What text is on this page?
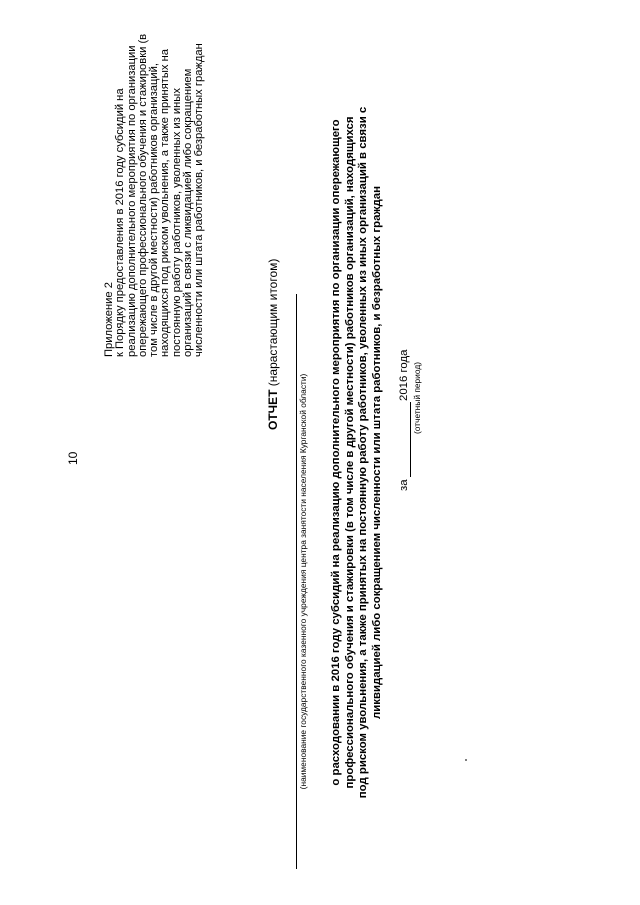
10
Приложение 2 к Порядку предоставления в 2016 году субсидий на реализацию дополнительного мероприятия по организации опережающего профессионального обучения и стажировки (в том числе в другой местности) работников организаций, находящихся под риском увольнения, а также принятых на постоянную работу работников, уволенных из иных организаций в связи с ликвидацией либо сокращением численности или штата работников, и безработных граждан
ОТЧЕТ (нарастающим итогом)
(наименование государственного казенного учреждения центра занятости населения Курганской области) о расходовании в 2016 году субсидий на реализацию дополнительного мероприятия по организации опережающего профессионального обучения и стажировки (в том числе в другой местности) работников организаций, находящихся под риском увольнения, а также принятых на постоянную работу работников, уволенных из иных организаций в связи с ликвидацией либо сокращением численности или штата работников, и безработных граждан за
2016 года (отчетный период)
